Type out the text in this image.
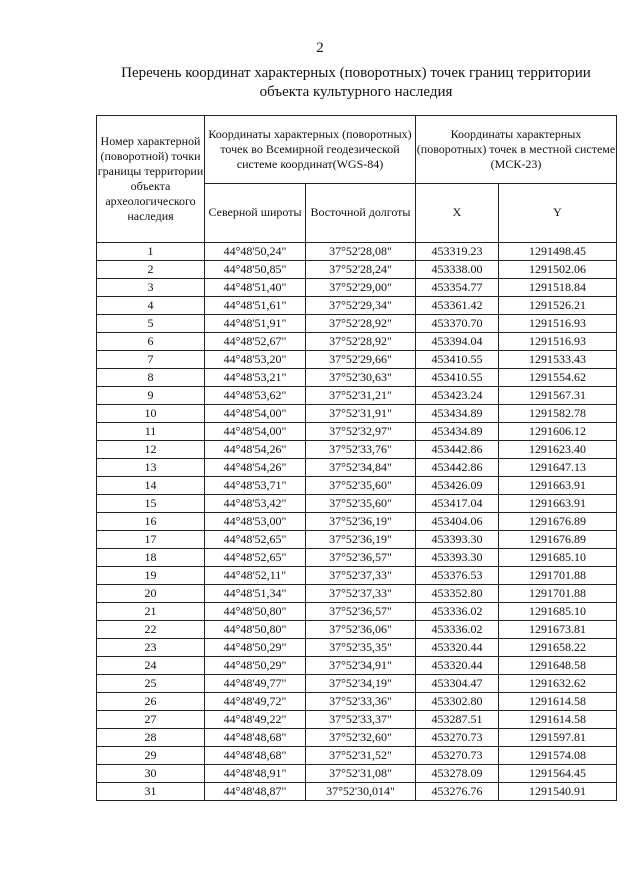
2
Перечень координат характерных (поворотных) точек границ территории объекта культурного наследия
Номер характерной (поворотной) точки границы территории объекта археологического наследия	Координаты характерных (поворотных) точек во Всемирной геодезической системе координат(WGS-84)		Координаты характерных (поворотных) точек в местной системе (МСК-23)	
	Северной широты	Восточной долготы	X	Y
1	44°48'50,24"	37°52'28,08"	453319.23	1291498.45
2	44°48'50,85"	37°52'28,24"	453338.00	1291502.06
3	44°48'51,40"	37°52'29,00"	453354.77	1291518.84
4	44°48'51,61"	37°52'29,34"	453361.42	1291526.21
5	44°48'51,91"	37°52'28,92"	453370.70	1291516.93
6	44°48'52,67"	37°52'28,92"	453394.04	1291516.93
7	44°48'53,20"	37°52'29,66"	453410.55	1291533.43
8	44°48'53,21"	37°52'30,63"	453410.55	1291554.62
9	44°48'53,62"	37°52'31,21"	453423.24	1291567.31
10	44°48'54,00"	37°52'31,91"	453434.89	1291582.78
11	44°48'54,00"	37°52'32,97"	453434.89	1291606.12
12	44°48'54,26"	37°52'33,76"	453442.86	1291623.40
13	44°48'54,26"	37°52'34,84"	453442.86	1291647.13
14	44°48'53,71"	37°52'35,60"	453426.09	1291663.91
15	44°48'53,42"	37°52'35,60"	453417.04	1291663.91
16	44°48'53,00"	37°52'36,19"	453404.06	1291676.89
17	44°48'52,65"	37°52'36,19"	453393.30	1291676.89
18	44°48'52,65"	37°52'36,57"	453393.30	1291685.10
19	44°48'52,11"	37°52'37,33"	453376.53	1291701.88
20	44°48'51,34"	37°52'37,33"	453352.80	1291701.88
21	44°48'50,80"	37°52'36,57"	453336.02	1291685.10
22	44°48'50,80"	37°52'36,06"	453336.02	1291673.81
23	44°48'50,29"	37°52'35,35"	453320.44	1291658.22
24	44°48'50,29"	37°52'34,91"	453320.44	1291648.58
25	44°48'49,77"	37°52'34,19"	453304.47	1291632.62
26	44°48'49,72"	37°52'33,36"	453302.80	1291614.58
27	44°48'49,22"	37°52'33,37"	453287.51	1291614.58
28	44°48'48,68"	37°52'32,60"	453270.73	1291597.81
29	44°48'48,68"	37°52'31,52"	453270.73	1291574.08
30	44°48'48,91"	37°52'31,08"	453278.09	1291564.45
31	44°48'48,87"	37°52'30,014"	453276.76	1291540.91
